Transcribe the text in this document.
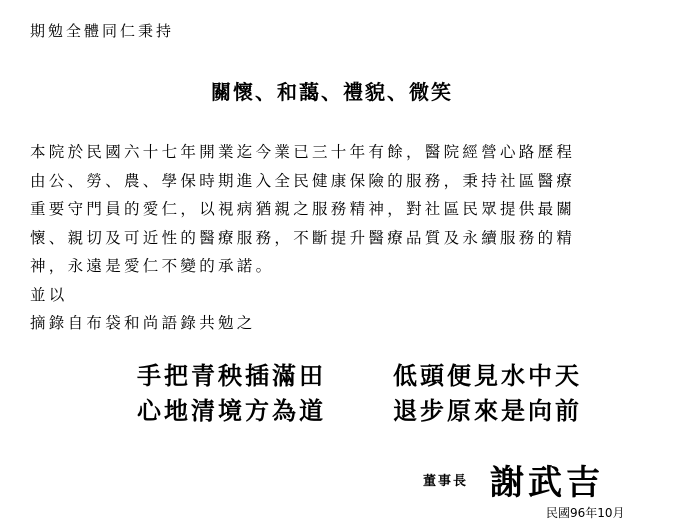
期勉全體同仁秉持
關懷、和藹、禮貌、微笑
本院於民國六十七年開業迄今業已三十年有餘，醫院經營心路歷程
由公、勞、農、學保時期進入全民健康保險的服務，秉持社區醫療
重要守門員的愛仁，以視病猶親之服務精神，對社區民眾提供最關
懷、親切及可近性的醫療服務，不斷提升醫療品質及永續服務的精
神，永遠是愛仁不變的承諾。
並以
摘錄自布袋和尚語錄共勉之
手把青秧插滿田
心地清境方為道
低頭便見水中天
退步原來是向前
董事長 謝武吉
民國96年10月
